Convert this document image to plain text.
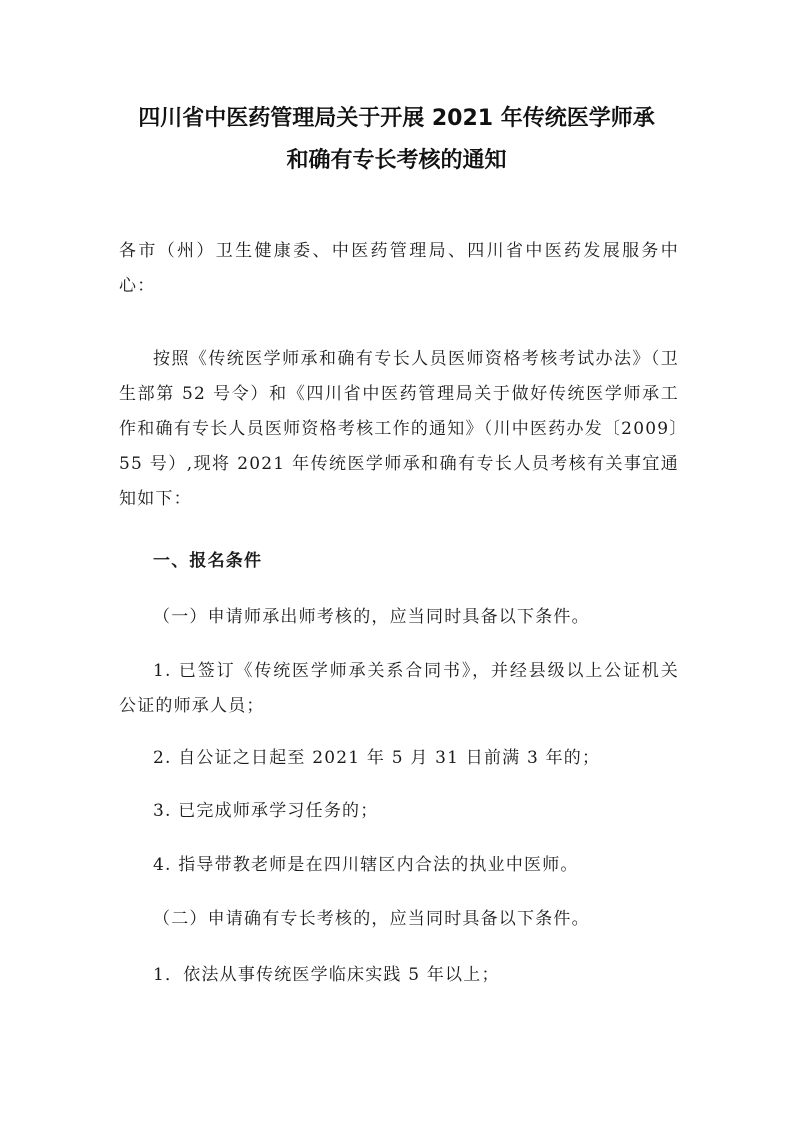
四川省中医药管理局关于开展 2021 年传统医学师承
和确有专长考核的通知

各市（州）卫生健康委、中医药管理局、四川省中医药发展服务中心：

按照《传统医学师承和确有专长人员医师资格考核考试办法》（卫生部第 52 号令）和《四川省中医药管理局关于做好传统医学师承工作和确有专长人员医师资格考核工作的通知》（川中医药办发〔2009〕55 号）,现将 2021 年传统医学师承和确有专长人员考核有关事宜通知如下：

一、报名条件

（一）申请师承出师考核的，应当同时具备以下条件。

1. 已签订《传统医学师承关系合同书》，并经县级以上公证机关公证的师承人员；

2. 自公证之日起至 2021 年 5 月 31 日前满 3 年的；

3. 已完成师承学习任务的；

4. 指导带教老师是在四川辖区内合法的执业中医师。

（二）申请确有专长考核的，应当同时具备以下条件。

1．依法从事传统医学临床实践 5 年以上；
